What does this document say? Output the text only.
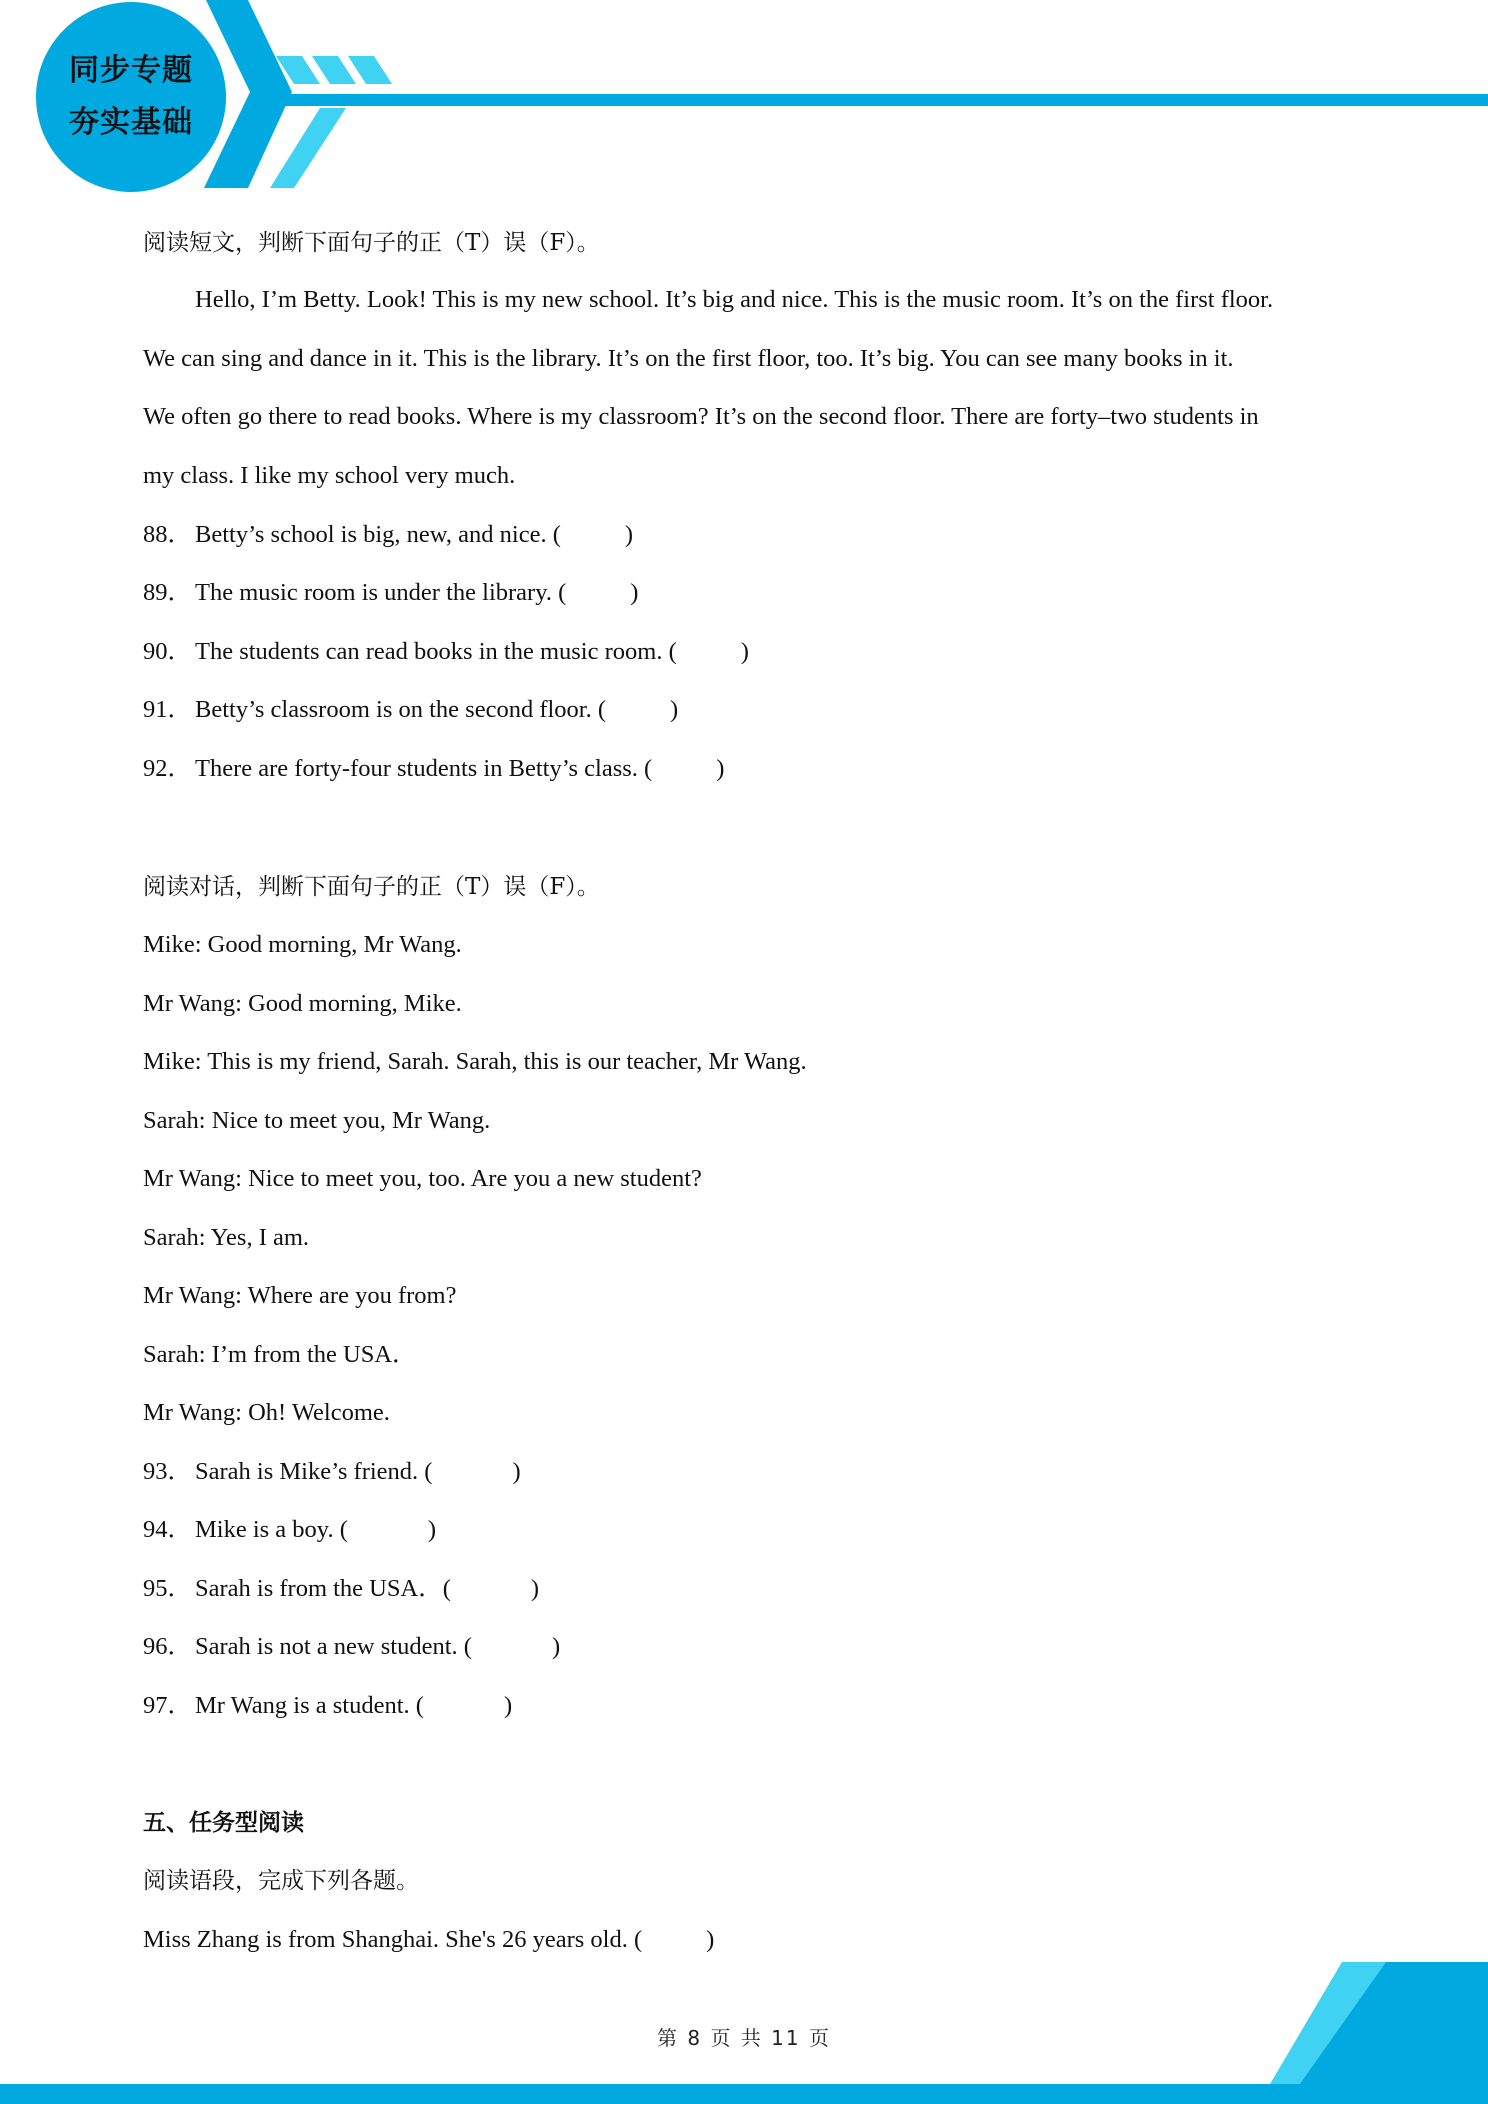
同步专题
夯实基础
阅读短文，判断下面句子的正（T）误（F）。
Hello, I’m Betty. Look! This is my new school. It’s big and nice. This is the music room. It’s on the first floor.
We can sing and dance in it. This is the library. It’s on the first floor, too. It’s big. You can see many books in it.
We often go there to read books. Where is my classroom? It’s on the second floor. There are forty–two students in
my class. I like my school very much.
88． Betty’s school is big, new, and nice. (	)
89． The music room is under the library. (	)
90． The students can read books in the music room. (	)
91． Betty’s classroom is on the second floor. (	)
92． There are forty-four students in Betty’s class. (	)
阅读对话，判断下面句子的正（T）误（F）。
Mike: Good morning, Mr Wang.
Mr Wang: Good morning, Mike.
Mike: This is my friend, Sarah. Sarah, this is our teacher, Mr Wang.
Sarah: Nice to meet you, Mr Wang.
Mr Wang: Nice to meet you, too. Are you a new student?
Sarah: Yes, I am.
Mr Wang: Where are you from?
Sarah: I’m from the USA．
Mr Wang: Oh! Welcome.
93． Sarah is Mike’s friend. (	)
94． Mike is a boy. (	)
95． Sarah is from the USA．(	)
96． Sarah is not a new student. (	)
97． Mr Wang is a student. (	)
五、任务型阅读
阅读语段，完成下列各题。
Miss Zhang is from Shanghai. She's 26 years old. (	)
第 8 页 共 11 页
